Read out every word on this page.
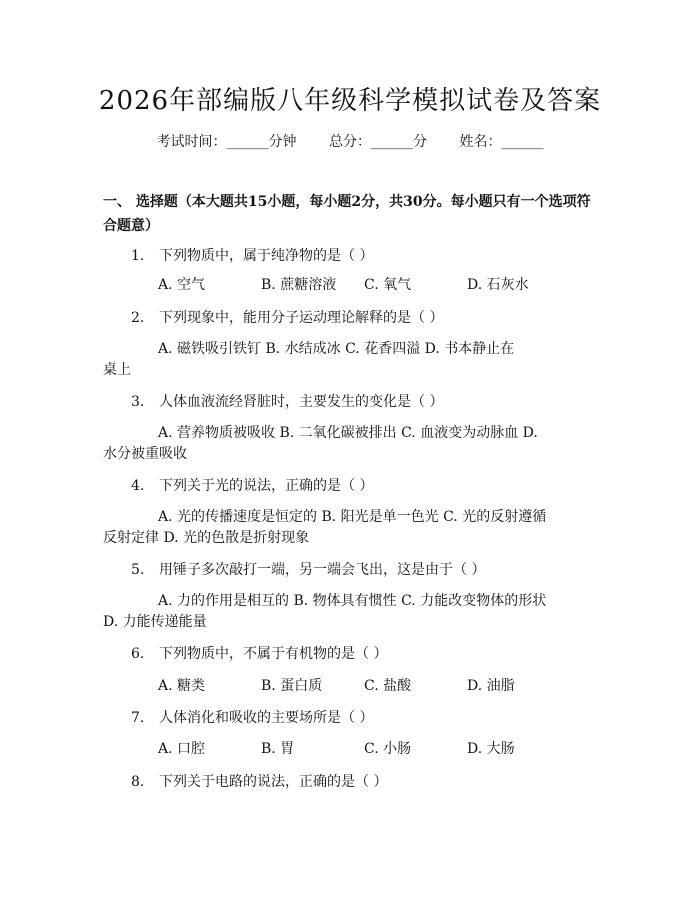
2026年部编版八年级科学模拟试卷及答案
考试时间：______分钟 总分：______分 姓名：______
一、 选择题（本大题共15小题，每小题2分，共30分。每小题只有一个选项符合题意）
1. 下列物质中，属于纯净物的是（ ）
A. 空气	B. 蔗糖溶液	C. 氧气	D. 石灰水
2. 下列现象中，能用分子运动理论解释的是（ ）
A. 磁铁吸引铁钉 B. 水结成冰 C. 花香四溢 D. 书本静止在
桌上
3. 人体血液流经肾脏时，主要发生的变化是（ ）
A. 营养物质被吸收 B. 二氧化碳被排出 C. 血液变为动脉血 D.
水分被重吸收
4. 下列关于光的说法，正确的是（ ）
A. 光的传播速度是恒定的 B. 阳光是单一色光 C. 光的反射遵循
反射定律 D. 光的色散是折射现象
5. 用锤子多次敲打一端，另一端会飞出，这是由于（ ）
A. 力的作用是相互的 B. 物体具有惯性 C. 力能改变物体的形状
D. 力能传递能量
6. 下列物质中，不属于有机物的是（ ）
A. 糖类	B. 蛋白质	C. 盐酸	D. 油脂
7. 人体消化和吸收的主要场所是（ ）
A. 口腔	B. 胃	C. 小肠	D. 大肠
8. 下列关于电路的说法，正确的是（ ）
